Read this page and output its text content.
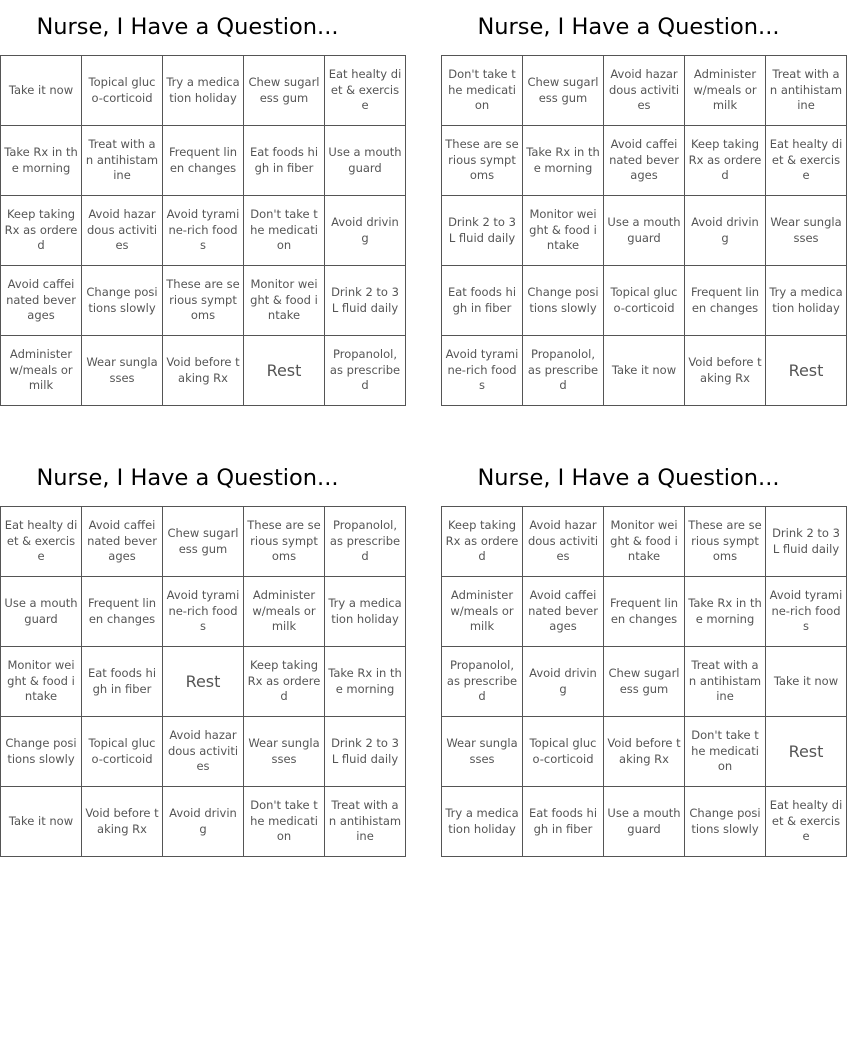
Nurse, I Have a Question...
Take it now	Topical gluco-corticoid	Try a medication holiday	Chew sugarless gum	Eat healty diet & exercise
Take Rx in the morning	Treat with an antihistamine	Frequent linen changes	Eat foods high in fiber	Use a mouth guard
Keep taking Rx as ordered	Avoid hazardous activities	Avoid tyramine-rich foods	Don't take the medication	Avoid driving
Avoid caffeinated beverages	Change positions slowly	These are serious symptoms	Monitor weight & food intake	Drink 2 to 3 L fluid daily
Administer w/meals or milk	Wear sunglasses	Void before taking Rx	Rest	Propanolol, as prescribed
Nurse, I Have a Question...
Don't take the medication	Chew sugarless gum	Avoid hazardous activities	Administer w/meals or milk	Treat with an antihistamine
These are serious symptoms	Take Rx in the morning	Avoid caffeinated beverages	Keep taking Rx as ordered	Eat healty diet & exercise
Drink 2 to 3 L fluid daily	Monitor weight & food intake	Use a mouth guard	Avoid driving	Wear sunglasses
Eat foods high in fiber	Change positions slowly	Topical gluco-corticoid	Frequent linen changes	Try a medication holiday
Avoid tyramine-rich foods	Propanolol, as prescribed	Take it now	Void before taking Rx	Rest
Nurse, I Have a Question...
Eat healty diet & exercise	Avoid caffeinated beverages	Chew sugarless gum	These are serious symptoms	Propanolol, as prescribed
Use a mouth guard	Frequent linen changes	Avoid tyramine-rich foods	Administer w/meals or milk	Try a medication holiday
Monitor weight & food intake	Eat foods high in fiber	Rest	Keep taking Rx as ordered	Take Rx in the morning
Change positions slowly	Topical gluco-corticoid	Avoid hazardous activities	Wear sunglasses	Drink 2 to 3 L fluid daily
Take it now	Void before taking Rx	Avoid driving	Don't take the medication	Treat with an antihistamine
Nurse, I Have a Question...
Keep taking Rx as ordered	Avoid hazardous activities	Monitor weight & food intake	These are serious symptoms	Drink 2 to 3 L fluid daily
Administer w/meals or milk	Avoid caffeinated beverages	Frequent linen changes	Take Rx in the morning	Avoid tyramine-rich foods
Propanolol, as prescribed	Avoid driving	Chew sugarless gum	Treat with an antihistamine	Take it now
Wear sunglasses	Topical gluco-corticoid	Void before taking Rx	Don't take the medication	Rest
Try a medication holiday	Eat foods high in fiber	Use a mouth guard	Change positions slowly	Eat healty diet & exercise
